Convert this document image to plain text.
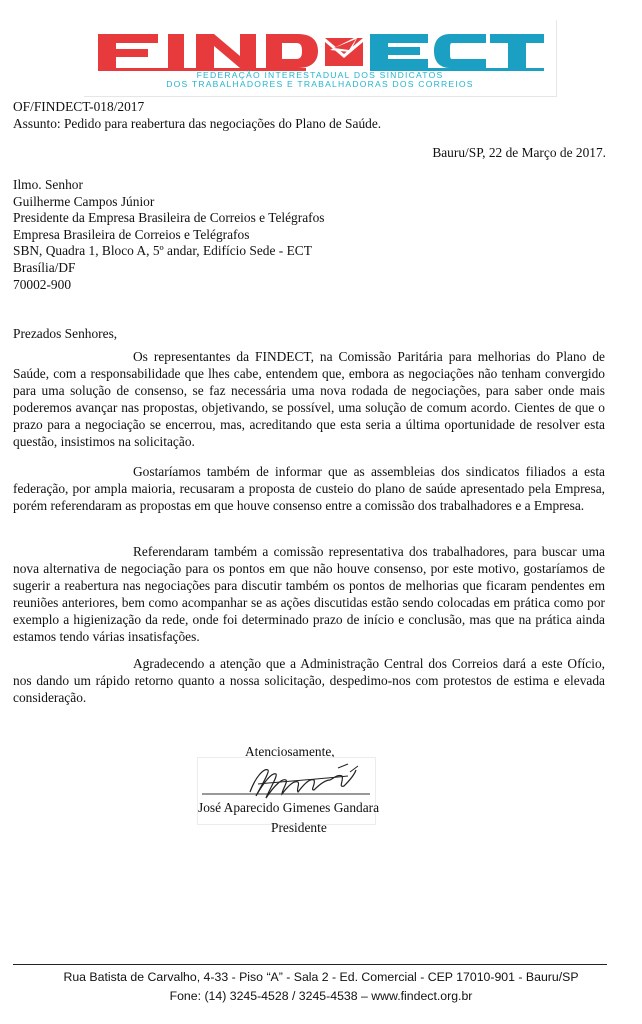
FEDERAÇÃO INTERESTADUAL DOS SINDICATOS
DOS TRABALHADORES E TRABALHADORAS DOS CORREIOS
OF/FINDECT-018/2017
Assunto: Pedido para reabertura das negociações do Plano de Saúde.
Bauru/SP, 22 de Março de 2017.
Ilmo. Senhor
Guilherme Campos Júnior
Presidente da Empresa Brasileira de Correios e Telégrafos
Empresa Brasileira de Correios e Telégrafos
SBN, Quadra 1, Bloco A, 5º andar, Edifício Sede - ECT
Brasília/DF
70002-900
Prezados Senhores,

Os representantes da FINDECT, na Comissão Paritária para melhorias do Plano de Saúde, com a responsabilidade que lhes cabe, entendem que, embora as negociações não tenham convergido para uma solução de consenso, se faz necessária uma nova rodada de negociações, para saber onde mais poderemos avançar nas propostas, objetivando, se possível, uma solução de comum acordo. Cientes de que o prazo para a negociação se encerrou, mas, acreditando que esta seria a última oportunidade de resolver esta questão, insistimos na solicitação.

Gostaríamos também de informar que as assembleias dos sindicatos filiados a esta federação, por ampla maioria, recusaram a proposta de custeio do plano de saúde apresentado pela Empresa, porém referendaram as propostas em que houve consenso entre a comissão dos trabalhadores e a Empresa.

Referendaram também a comissão representativa dos trabalhadores, para buscar uma nova alternativa de negociação para os pontos em que não houve consenso, por este motivo, gostaríamos de sugerir a reabertura nas negociações para discutir também os pontos de melhorias que ficaram pendentes em reuniões anteriores, bem como acompanhar se as ações discutidas estão sendo colocadas em prática como por exemplo a higienização da rede, onde foi determinado prazo de início e conclusão, mas que na prática ainda estamos tendo várias insatisfações.

Agradecendo a atenção que a Administração Central dos Correios dará a este Ofício, nos dando um rápido retorno quanto a nossa solicitação, despedimo-nos com protestos de estima e elevada consideração.

Atenciosamente,
José Aparecido Gimenes Gandara
Presidente
Rua Batista de Carvalho, 4-33 - Piso “A” - Sala 2 - Ed. Comercial - CEP 17010-901 - Bauru/SP
Fone: (14) 3245-4528 / 3245-4538 – www.findect.org.br
